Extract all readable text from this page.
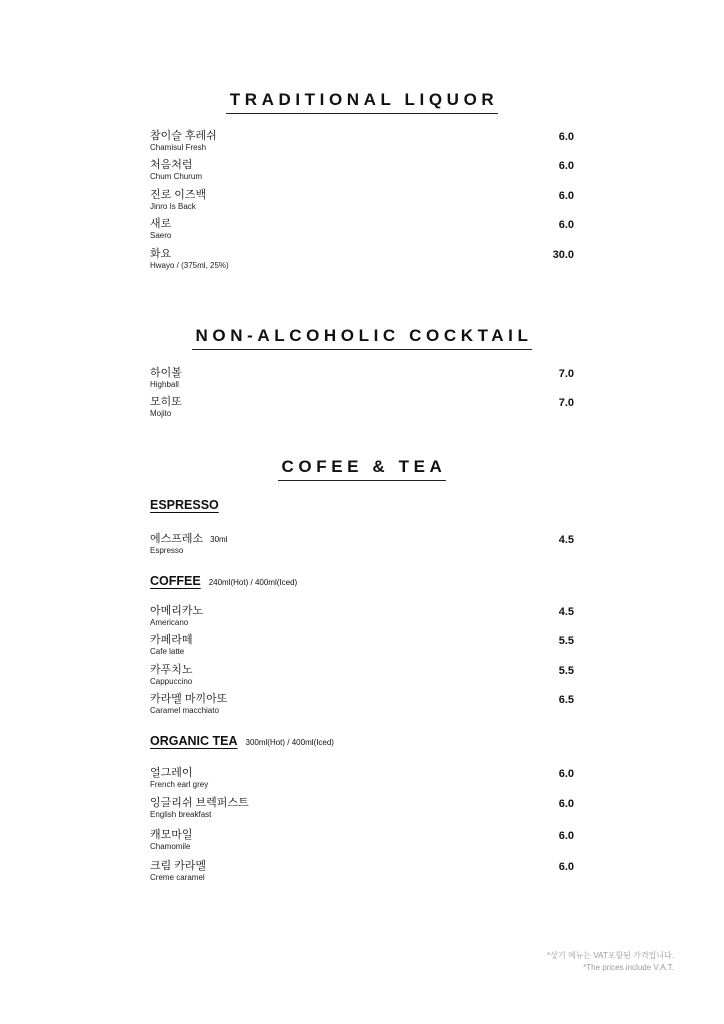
TRADITIONAL LIQUOR
참이슬 후레쉬
Chamisul Fresh
6.0
처음처럼
Chum Churum
6.0
진로 이즈백
Jinro Is Back
6.0
새로
Saero
6.0
화요
Hwayo / (375ml, 25%)
30.0
NON-ALCOHOLIC COCKTAIL
하이볼
Highball
7.0
모히또
Mojito
7.0
COFEE & TEA
ESPRESSO
에스프레소 30ml
Espresso
4.5
COFFEE 240ml(Hot) / 400ml(Iced)
아메리카노
Americano
4.5
카페라떼
Cafe latte
5.5
카푸치노
Cappuccino
5.5
카라멜 마끼아또
Caramel macchiato
6.5
ORGANIC TEA 300ml(Hot) / 400ml(Iced)
얼그레이
French earl grey
6.0
잉글리쉬 브렉퍼스트
English breakfast
6.0
캐모마일
Chamomile
6.0
크림 카라멜
Creme caramel
6.0
*상기 메뉴는 VAT포함된 가격입니다.
*The prices include V.A.T.
